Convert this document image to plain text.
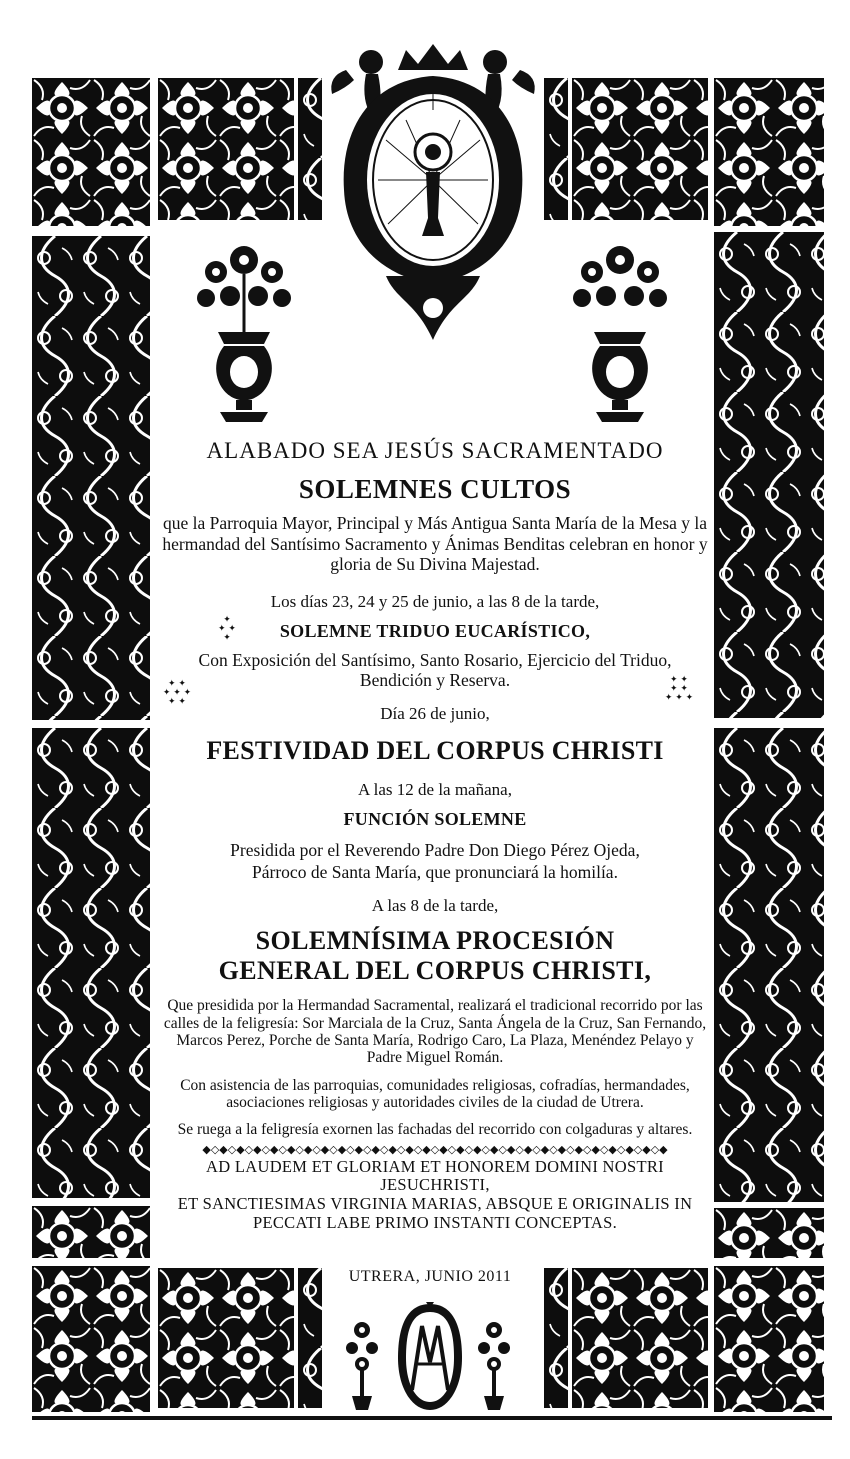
✦
✦ ✦
✦
✦ ✦
✦ ✦ ✦
✦ ✦
✦ ✦
✦ ✦
✦ ✦ ✦

ALABADO SEA JESÚS SACRAMENTADO

SOLEMNES CULTOS

que la Parroquia Mayor, Principal y Más Antigua Santa María de la Mesa y la hermandad del Santísimo Sacramento y Ánimas Benditas celebran en honor y gloria de Su Divina Majestad.

Los días 23, 24 y 25 de junio, a las 8 de la tarde,

SOLEMNE TRIDUO EUCARÍSTICO,

Con Exposición del Santísimo, Santo Rosario, Ejercicio del Triduo, Bendición y Reserva.

Día 26 de junio,

FESTIVIDAD DEL CORPUS CHRISTI

A las 12 de la mañana,

FUNCIÓN SOLEMNE

Presidida por el Reverendo Padre Don Diego Pérez Ojeda,

Párroco de Santa María, que pronunciará la homilía.

A las 8 de la tarde,

SOLEMNÍSIMA PROCESIÓN

GENERAL DEL CORPUS CHRISTI,

Que presidida por la Hermandad Sacramental, realizará el tradicional recorrido por las calles de la feligresía: Sor Marciala de la Cruz, Santa Ángela de la Cruz, San Fernando, Marcos Perez, Porche de Santa María, Rodrigo Caro, La Plaza, Menéndez Pelayo y Padre Miguel Román.

Con asistencia de las parroquias, comunidades religiosas, cofradías, hermandades, asociaciones religiosas y autoridades civiles de la ciudad de Utrera.

Se ruega a la feligresía exornen las fachadas del recorrido con colgaduras y altares.

◆◇◆◇◆◇◆◇◆◇◆◇◆◇◆◇◆◇◆◇◆◇◆◇◆◇◆◇◆◇◆◇◆◇◆◇◆◇◆◇◆◇◆◇◆◇◆◇◆◇◆◇◆◇◆

AD LAUDEM ET GLORIAM ET HONOREM DOMINI NOSTRI JESUCHRISTI,

ET SANCTIESIMAS VIRGINIA MARIAS, ABSQUE E ORIGINALIS IN

PECCATI LABE PRIMO INSTANTI CONCEPTAS.

UTRERA, JUNIO 2011
